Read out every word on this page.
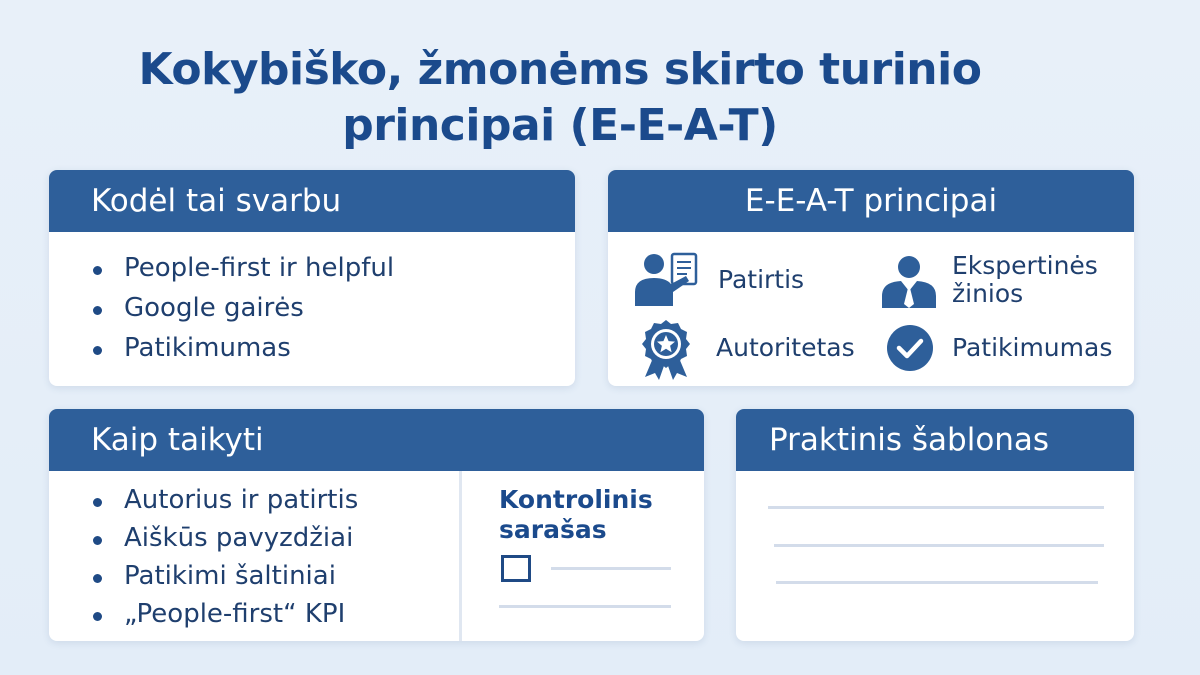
Kokybiško, žmonėms skirto turinio
principai (E-E-A-T)
Kodėl tai svarbu
People-first ir helpful
Google gairės
Patikimumas
E-E-A-T principai
Patirtis	Ekspertinės
žinios
Autoritetas	Patikimumas
Kaip taikyti
Autorius ir patirtis
Aiškūs pavyzdžiai
Patikimi šaltiniai
„People-first“ KPI
Kontrolinis
sarašas
Praktinis šablonas
